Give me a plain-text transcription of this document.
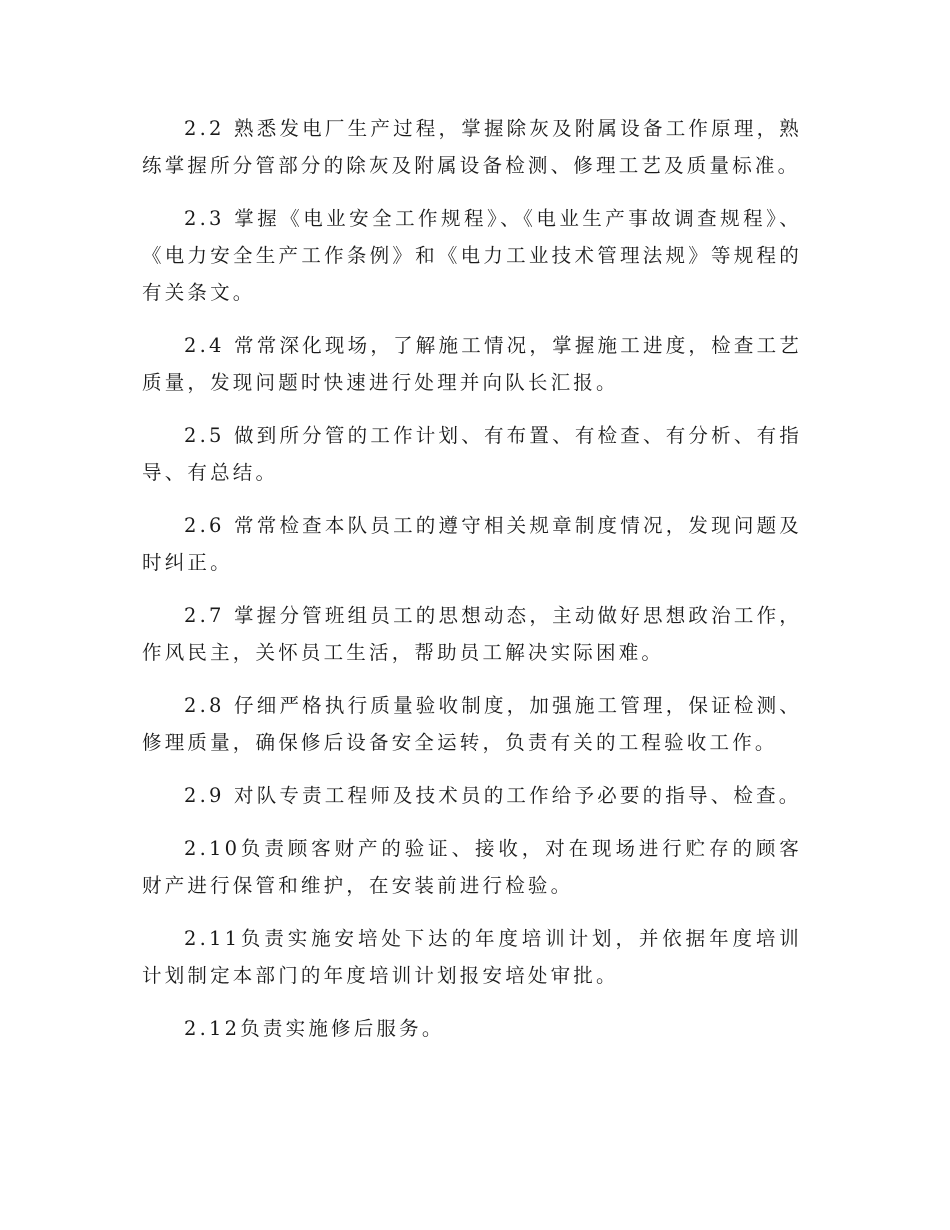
2.2 熟悉发电厂生产过程，掌握除灰及附属设备工作原理，熟练掌握所分管部分的除灰及附属设备检测、修理工艺及质量标准。

2.3 掌握《电业安全工作规程》、《电业生产事故调查规程》、《电力安全生产工作条例》和《电力工业技术管理法规》等规程的有关条文。

2.4 常常深化现场，了解施工情况，掌握施工进度，检查工艺质量，发现问题时快速进行处理并向队长汇报。

2.5 做到所分管的工作计划、有布置、有检查、有分析、有指导、有总结。

2.6 常常检查本队员工的遵守相关规章制度情况，发现问题及时纠正。

2.7 掌握分管班组员工的思想动态，主动做好思想政治工作，作风民主，关怀员工生活，帮助员工解决实际困难。

2.8 仔细严格执行质量验收制度，加强施工管理，保证检测、修理质量，确保修后设备安全运转，负责有关的工程验收工作。

2.9 对队专责工程师及技术员的工作给予必要的指导、检查。

2.10负责顾客财产的验证、接收，对在现场进行贮存的顾客财产进行保管和维护，在安装前进行检验。

2.11负责实施安培处下达的年度培训计划，并依据年度培训计划制定本部门的年度培训计划报安培处审批。

2.12负责实施修后服务。
